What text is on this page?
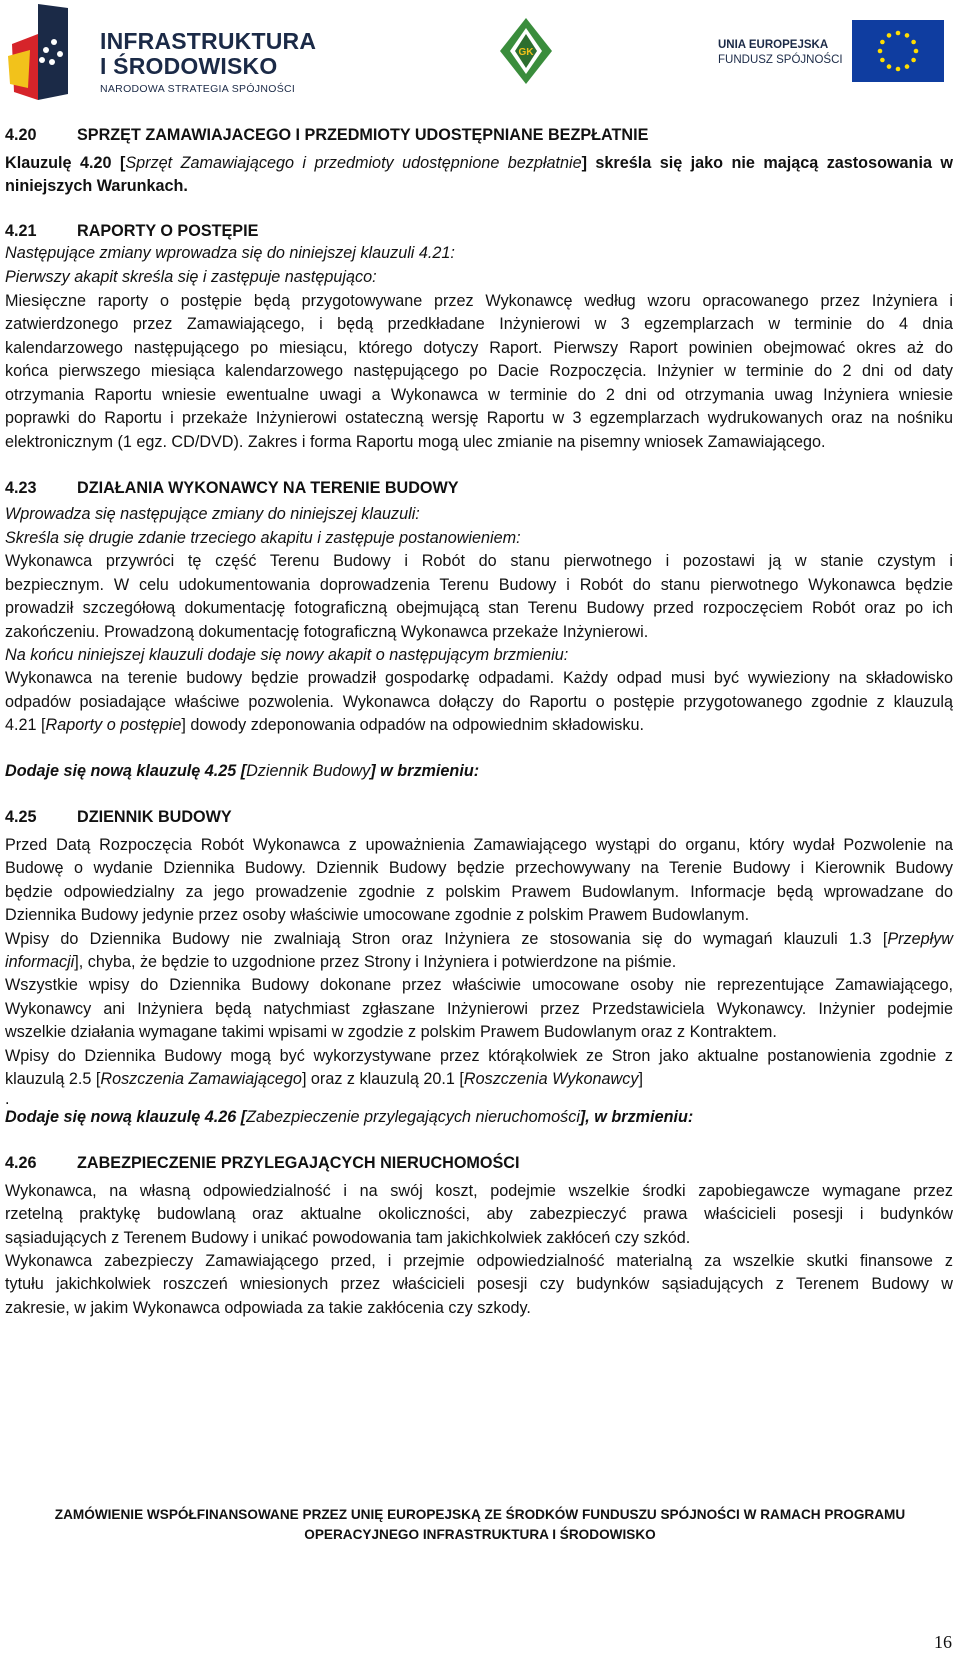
INFRASTRUKTURA
I ŚRODOWISKO
NARODOWA STRATEGIA SPÓJNOŚCI
GK
UNIA EUROPEJSKA
FUNDUSZ SPÓJNOŚCI
4.20 SPRZĘT ZAMAWIAJACEGO I PRZEDMIOTY UDOSTĘPNIANE BEZPŁATNIE
Klauzulę 4.20 [Sprzęt Zamawiającego i przedmioty udostępnione bezpłatnie] skreśla się jako nie mającą zastosowania w
niniejszych Warunkach.
4.21 RAPORTY O POSTĘPIE
Następujące zmiany wprowadza się do niniejszej klauzuli 4.21:
Pierwszy akapit skreśla się i zastępuje następująco:
Miesięczne raporty o postępie będą przygotowywane przez Wykonawcę według wzoru opracowanego przez Inżyniera i
zatwierdzonego przez Zamawiającego, i będą przedkładane Inżynierowi w 3 egzemplarzach w terminie do 4 dnia
kalendarzowego następującego po miesiącu, którego dotyczy Raport. Pierwszy Raport powinien obejmować okres aż do
końca pierwszego miesiąca kalendarzowego następującego po Dacie Rozpoczęcia. Inżynier w terminie do 2 dni od daty
otrzymania Raportu wniesie ewentualne uwagi a Wykonawca w terminie do 2 dni od otrzymania uwag Inżyniera wniesie
poprawki do Raportu i przekaże Inżynierowi ostateczną wersję Raportu w 3 egzemplarzach wydrukowanych oraz na nośniku
elektronicznym (1 egz. CD/DVD). Zakres i forma Raportu mogą ulec zmianie na pisemny wniosek Zamawiającego.
4.23 DZIAŁANIA WYKONAWCY NA TERENIE BUDOWY
Wprowadza się następujące zmiany do niniejszej klauzuli:
Skreśla się drugie zdanie trzeciego akapitu i zastępuje postanowieniem:
Wykonawca przywróci tę część Terenu Budowy i Robót do stanu pierwotnego i pozostawi ją w stanie czystym i
bezpiecznym. W celu udokumentowania doprowadzenia Terenu Budowy i Robót do stanu pierwotnego Wykonawca będzie
prowadził szczegółową dokumentację fotograficzną obejmującą stan Terenu Budowy przed rozpoczęciem Robót oraz po ich
zakończeniu. Prowadzoną dokumentację fotograficzną Wykonawca przekaże Inżynierowi.
Na końcu niniejszej klauzuli dodaje się nowy akapit o następującym brzmieniu:
Wykonawca na terenie budowy będzie prowadził gospodarkę odpadami. Każdy odpad musi być wywieziony na składowisko
odpadów posiadające właściwe pozwolenia. Wykonawca dołączy do Raportu o postępie przygotowanego zgodnie z klauzulą
4.21 [Raporty o postępie] dowody zdeponowania odpadów na odpowiednim składowisku.
Dodaje się nową klauzulę 4.25 [Dziennik Budowy] w brzmieniu:
4.25 DZIENNIK BUDOWY
Przed Datą Rozpoczęcia Robót Wykonawca z upoważnienia Zamawiającego wystąpi do organu, który wydał Pozwolenie na
Budowę o wydanie Dziennika Budowy. Dziennik Budowy będzie przechowywany na Terenie Budowy i Kierownik Budowy
będzie odpowiedzialny za jego prowadzenie zgodnie z polskim Prawem Budowlanym. Informacje będą wprowadzane do
Dziennika Budowy jedynie przez osoby właściwie umocowane zgodnie z polskim Prawem Budowlanym.
Wpisy do Dziennika Budowy nie zwalniają Stron oraz Inżyniera ze stosowania się do wymagań klauzuli 1.3 [Przepływ
informacji], chyba, że będzie to uzgodnione przez Strony i Inżyniera i potwierdzone na piśmie.
Wszystkie wpisy do Dziennika Budowy dokonane przez właściwie umocowane osoby nie reprezentujące Zamawiającego,
Wykonawcy ani Inżyniera będą natychmiast zgłaszane Inżynierowi przez Przedstawiciela Wykonawcy. Inżynier podejmie
wszelkie działania wymagane takimi wpisami w zgodzie z polskim Prawem Budowlanym oraz z Kontraktem.
Wpisy do Dziennika Budowy mogą być wykorzystywane przez którąkolwiek ze Stron jako aktualne postanowienia zgodnie z
klauzulą 2.5 [Roszczenia Zamawiającego] oraz z klauzulą 20.1 [Roszczenia Wykonawcy]
.
Dodaje się nową klauzulę 4.26 [Zabezpieczenie przylegających nieruchomości], w brzmieniu:
4.26 ZABEZPIECZENIE PRZYLEGAJĄCYCH NIERUCHOMOŚCI
Wykonawca, na własną odpowiedzialność i na swój koszt, podejmie wszelkie środki zapobiegawcze wymagane przez
rzetelną praktykę budowlaną oraz aktualne okoliczności, aby zabezpieczyć prawa właścicieli posesji i budynków
sąsiadujących z Terenem Budowy i unikać powodowania tam jakichkolwiek zakłóceń czy szkód.
Wykonawca zabezpieczy Zamawiającego przed, i przejmie odpowiedzialność materialną za wszelkie skutki finansowe z
tytułu jakichkolwiek roszczeń wniesionych przez właścicieli posesji czy budynków sąsiadujących z Terenem Budowy w
zakresie, w jakim Wykonawca odpowiada za takie zakłócenia czy szkody.
ZAMÓWIENIE WSPÓŁFINANSOWANE PRZEZ UNIĘ EUROPEJSKĄ ZE ŚRODKÓW FUNDUSZU SPÓJNOŚCI W RAMACH PROGRAMU
OPERACYJNEGO INFRASTRUKTURA I ŚRODOWISKO
16
